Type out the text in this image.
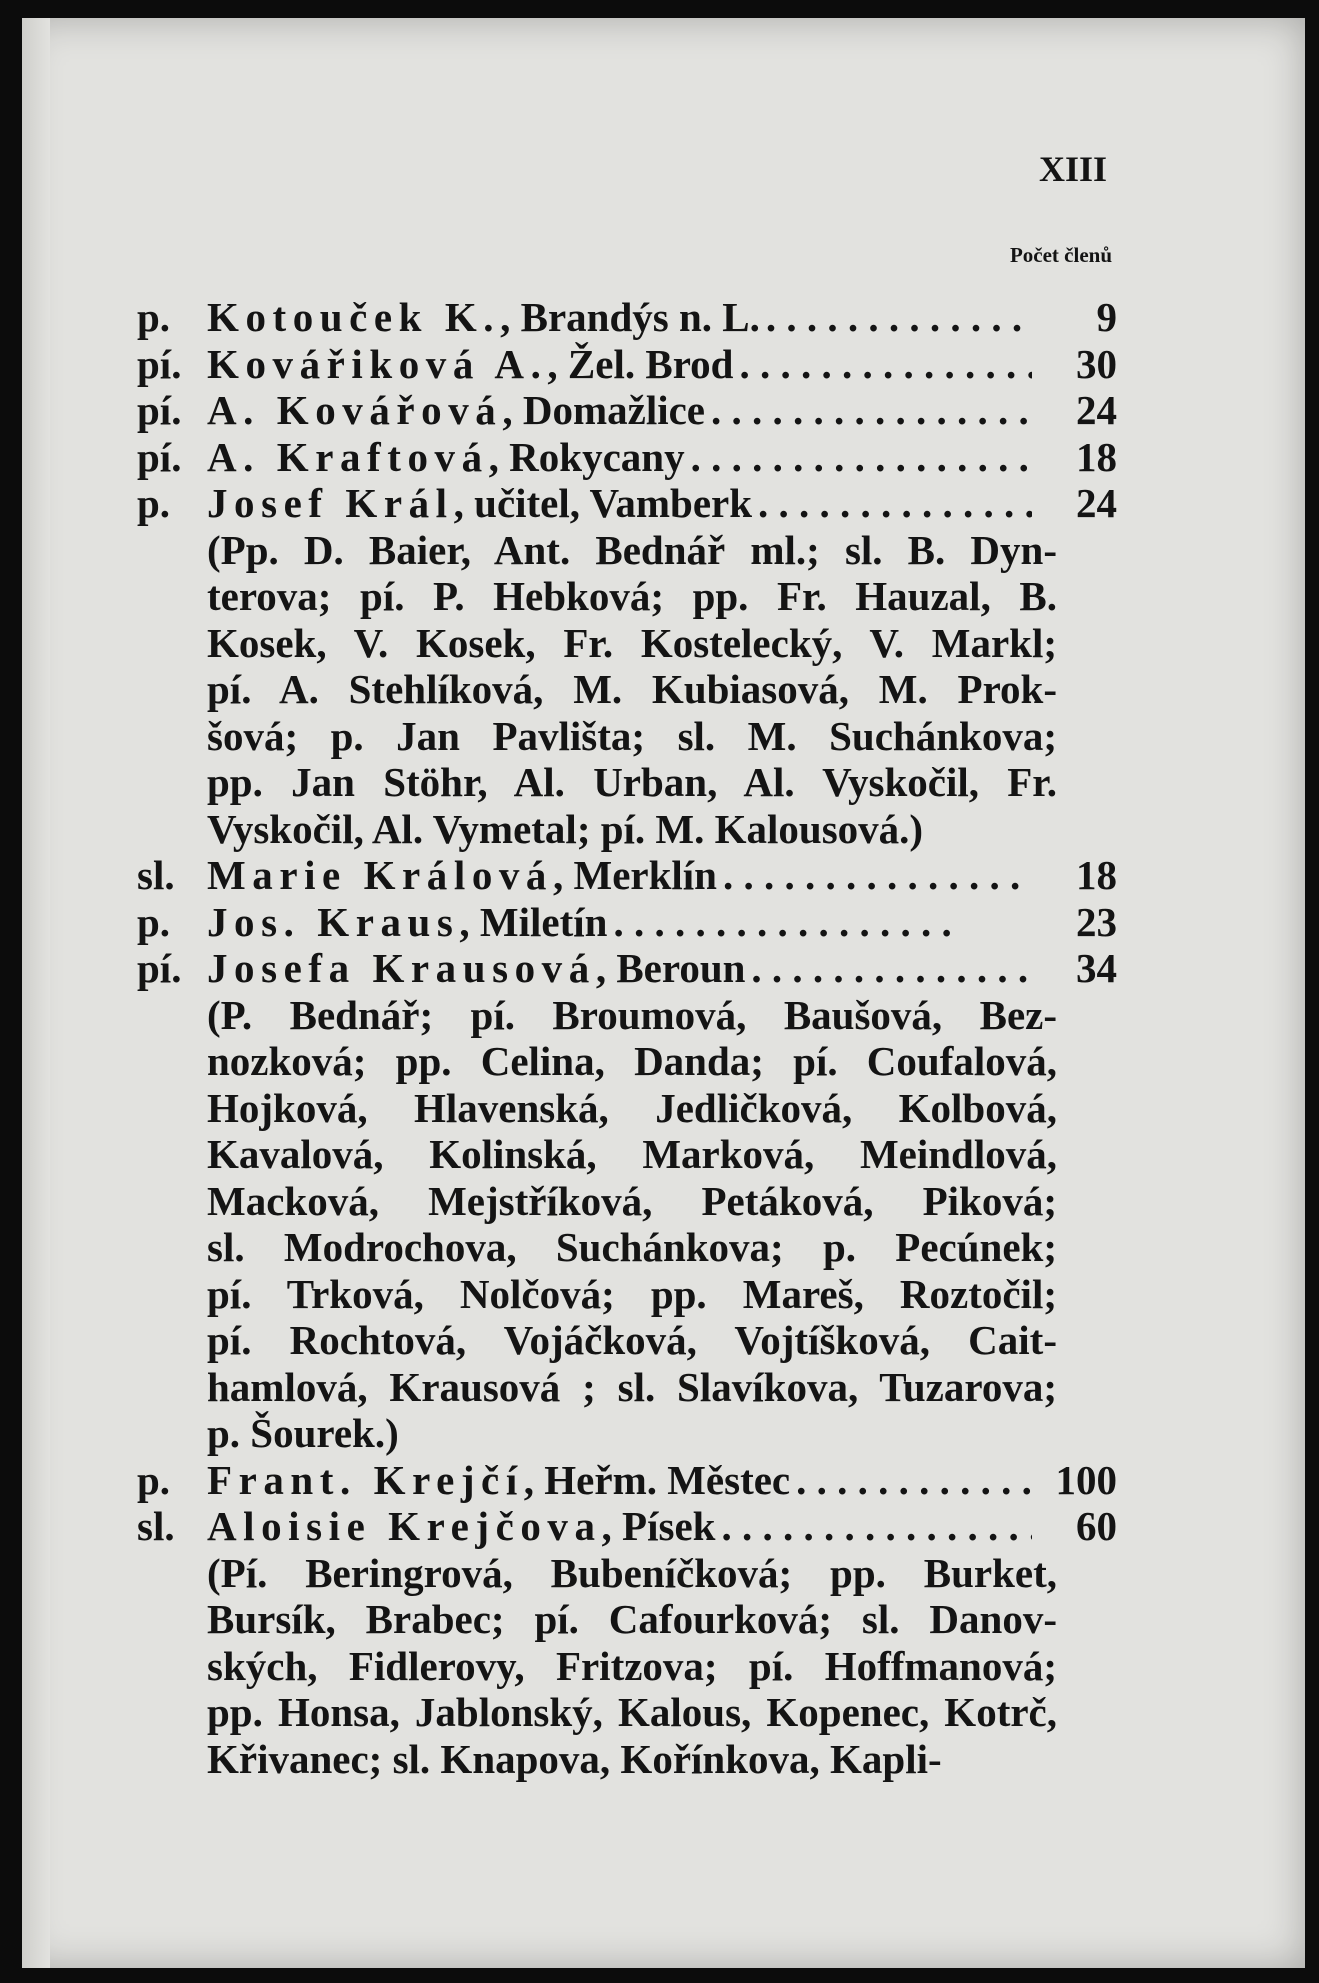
XIII
Počet členů
p. Kotouček K. , Brandýs n. L. . .	9
pí. Kovářiková A. , Žel. Brod . .	30
pí. A. Kovářová , Domažlice . .	24
pí. A. Kraftová , Rokycany . .	18
p. Josef Král , učitel, Vamberk . .	24
(Pp. D. Baier, Ant. Bednář ml.; sl. B. Dyn-
terova; pí. P. Hebková; pp. Fr. Hauzal, B.
Kosek, V. Kosek, Fr. Kostelecký, V. Markl;
pí. A. Stehlíková, M. Kubiasová, M. Prok-
šová; p. Jan Pavlišta; sl. M. Suchánkova;
pp. Jan Stöhr, Al. Urban, Al. Vyskočil, Fr.
Vyskočil, Al. Vymetal; pí. M. Kalousová.)
sl. Marie Králová , Merklín . .	18
p. Jos. Kraus , Miletín . .	23
pí. Josefa Krausová , Beroun . .	34
(P. Bednář; pí. Broumová, Baušová, Bez-
nozková; pp. Celina, Danda; pí. Coufalová,
Hojková, Hlavenská, Jedličková, Kolbová,
Kavalová, Kolinská, Marková, Meindlová,
Macková, Mejstříková, Petáková, Piková;
sl. Modrochova, Suchánkova; p. Pecúnek;
pí. Trková, Nolčová; pp. Mareš, Roztočil;
pí. Rochtová, Vojáčková, Vojtíšková, Cait-
hamlová, Krausová ; sl. Slavíkova, Tuzarova;
p. Šourek.)
p. Frant. Krejčí , Heřm. Městec . .	100
sl. Aloisie Krejčova , Písek . .	60
(Pí. Beringrová, Bubeníčková; pp. Burket,
Bursík, Brabec; pí. Cafourková; sl. Danov-
ských, Fidlerovy, Fritzova; pí. Hoffmanová;
pp. Honsa, Jablonský, Kalous, Kopenec, Kotrč,
Křivanec; sl. Knapova, Kořínkova, Kapli-
